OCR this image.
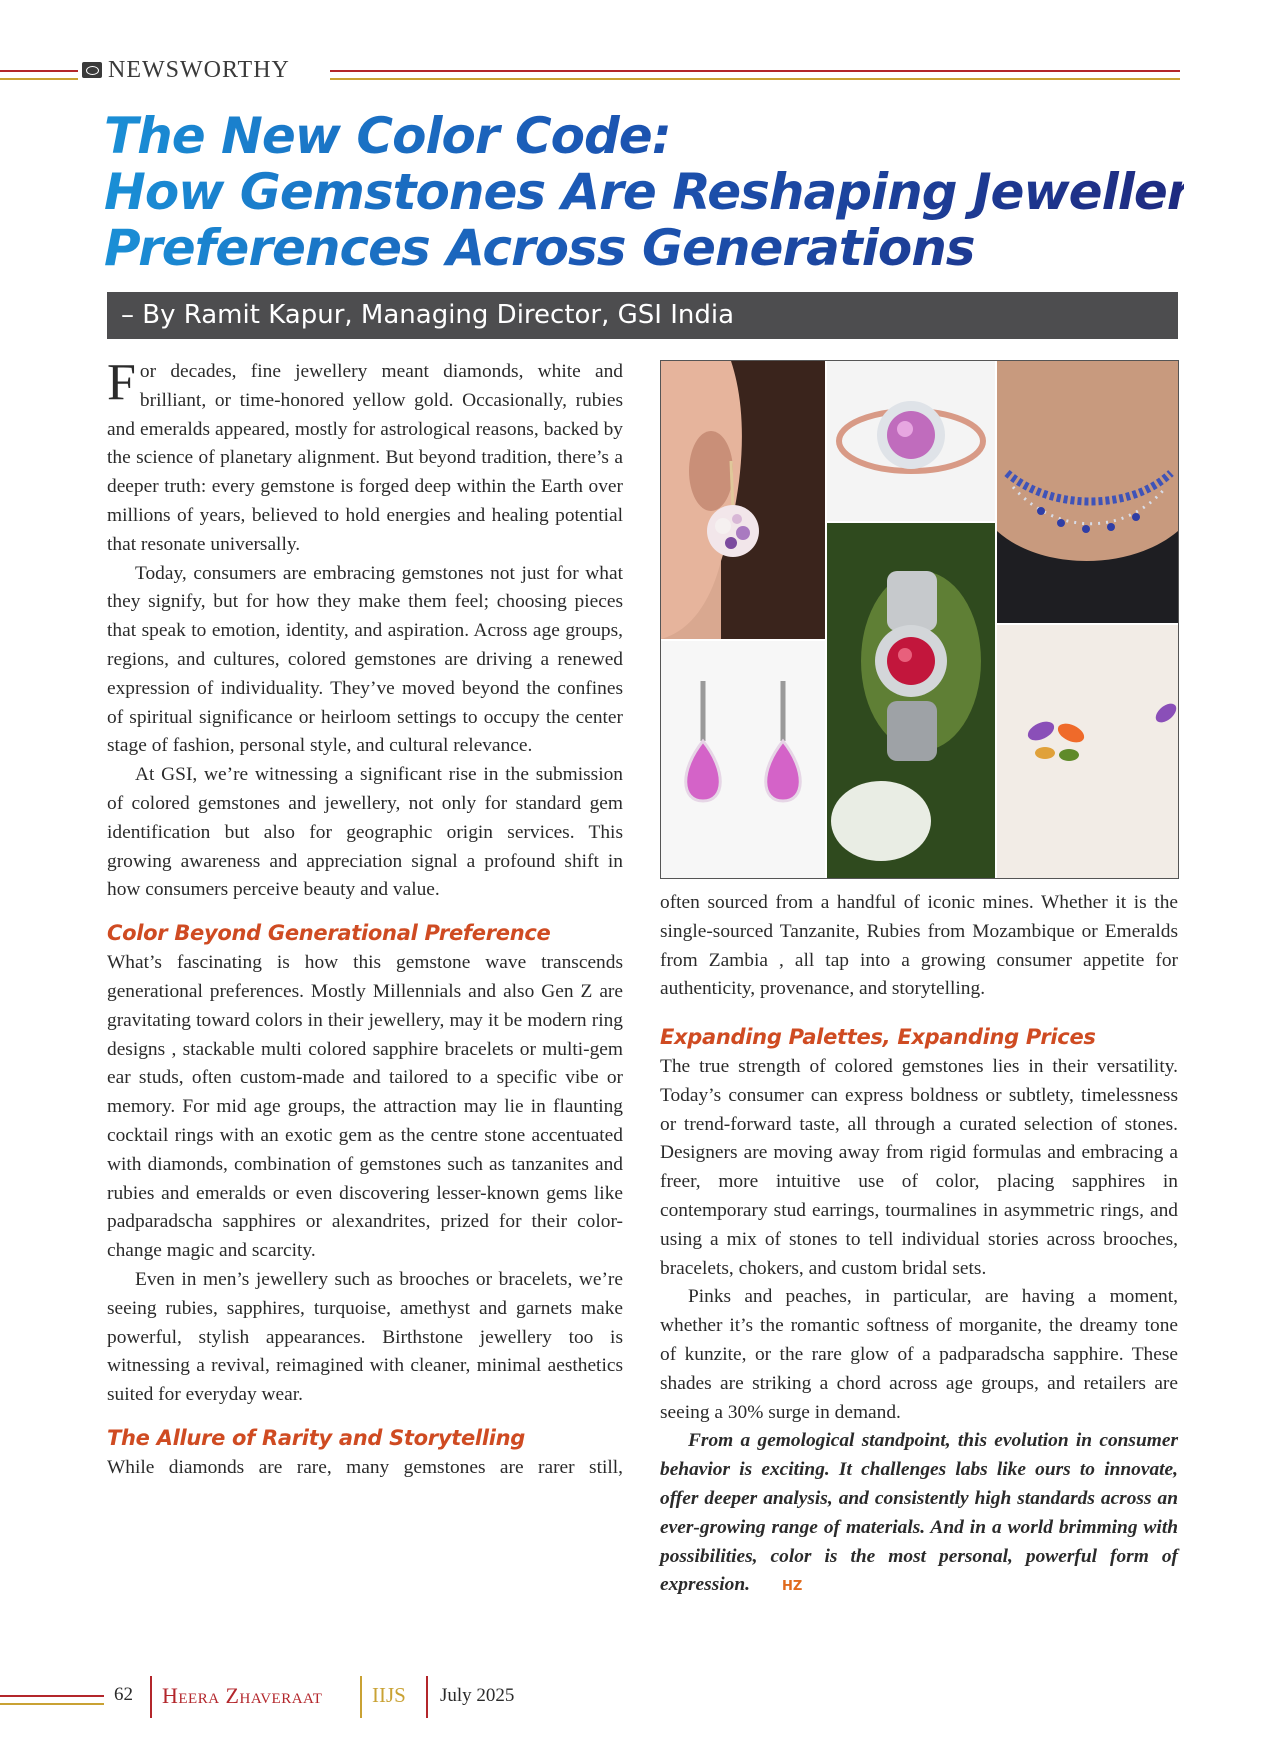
NEWSWORTHY
The New Color Code:
How Gemstones Are Reshaping Jewellery
Preferences Across Generations
– By Ramit Kapur, Managing Director, GSI India

For decades, fine jewellery meant diamonds, white and brilliant, or time-honored yellow gold. Occasionally, rubies and emeralds appeared, mostly for astrological reasons, backed by the science of planetary alignment. But beyond tradition, there’s a deeper truth: every gemstone is forged deep within the Earth over millions of years, believed to hold energies and healing potential that resonate universally.

Today, consumers are embracing gemstones not just for what they signify, but for how they make them feel; choosing pieces that speak to emotion, identity, and aspiration. Across age groups, regions, and cultures, colored gemstones are driving a renewed expression of individuality. They’ve moved beyond the confines of spiritual significance or heirloom settings to occupy the center stage of fashion, personal style, and cultural relevance.

At GSI, we’re witnessing a significant rise in the submission of colored gemstones and jewellery, not only for standard gem identification but also for geographic origin services. This growing awareness and appreciation signal a profound shift in how consumers perceive beauty and value.

Color Beyond Generational Preference

What’s fascinating is how this gemstone wave transcends generational preferences. Mostly Millennials and also Gen Z are gravitating toward colors in their jewellery, may it be modern ring designs , stackable multi colored sapphire bracelets or multi-gem ear studs, often custom-made and tailored to a specific vibe or memory. For mid age groups, the attraction may lie in flaunting cocktail rings with an exotic gem as the centre stone accentuated with diamonds, combination of gemstones such as tanzanites and rubies and emeralds or even discovering lesser-known gems like padparadscha sapphires or alexandrites, prized for their color-change magic and scarcity.

Even in men’s jewellery such as brooches or bracelets, we’re seeing rubies, sapphires, turquoise, amethyst and garnets make powerful, stylish appearances. Birthstone jewellery too is witnessing a revival, reimagined with cleaner, minimal aesthetics suited for everyday wear.

The Allure of Rarity and Storytelling

While diamonds are rare, many gemstones are rarer still,

often sourced from a handful of iconic mines. Whether it is the single-sourced Tanzanite, Rubies from Mozambique or Emeralds from Zambia , all tap into a growing consumer appetite for authenticity, provenance, and storytelling.

Expanding Palettes, Expanding Prices

The true strength of colored gemstones lies in their versatility. Today’s consumer can express boldness or subtlety, timelessness or trend-forward taste, all through a curated selection of stones. Designers are moving away from rigid formulas and embracing a freer, more intuitive use of color, placing sapphires in contemporary stud earrings, tourmalines in asymmetric rings, and using a mix of stones to tell individual stories across brooches, bracelets, chokers, and custom bridal sets.

Pinks and peaches, in particular, are having a moment, whether it’s the romantic softness of morganite, the dreamy tone of kunzite, or the rare glow of a padparadscha sapphire. These shades are striking a chord across age groups, and retailers are seeing a 30% surge in demand.

From a gemological standpoint, this evolution in consumer behavior is exciting. It challenges labs like ours to innovate, offer deeper analysis, and consistently high standards across an ever-growing range of materials. And in a world brimming with possibilities, color is the most personal, powerful form of expression. HZ

62 Heera Zhaveraat IIJS July 2025
